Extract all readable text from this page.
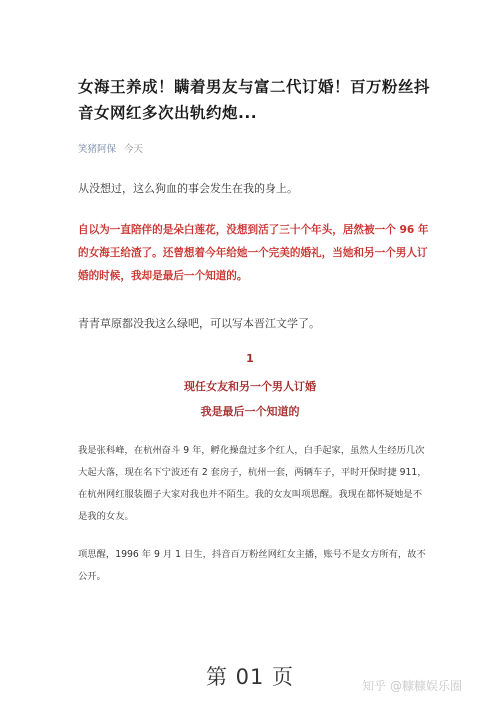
女海王养成！瞒着男友与富二代订婚！百万粉丝抖音女网红多次出轨约炮...
笑猪阿保 今天
从没想过，这么狗血的事会发生在我的身上。
自以为一直陪伴的是朵白莲花，没想到活了三十个年头，居然被一个 96 年的女海王给渣了。还曾想着今年给她一个完美的婚礼，当她和另一个男人订婚的时候，我却是最后一个知道的。
青青草原都没我这么绿吧，可以写本晋江文学了。
1
现任女友和另一个男人订婚
我是最后一个知道的
我是张科峰，在杭州奋斗 9 年，孵化操盘过多个红人，白手起家，虽然人生经历几次大起大落，现在名下宁波还有 2 套房子，杭州一套，两辆车子，平时开保时捷 911，在杭州网红服装圈子大家对我也并不陌生。我的女友叫项思醒。我现在都怀疑她是不是我的女友。
项思醒，1996 年 9 月 1 日生，抖音百万粉丝网红女主播，账号不是女方所有，故不公开。
第 01 页	知乎 @糠糠娱乐圈
